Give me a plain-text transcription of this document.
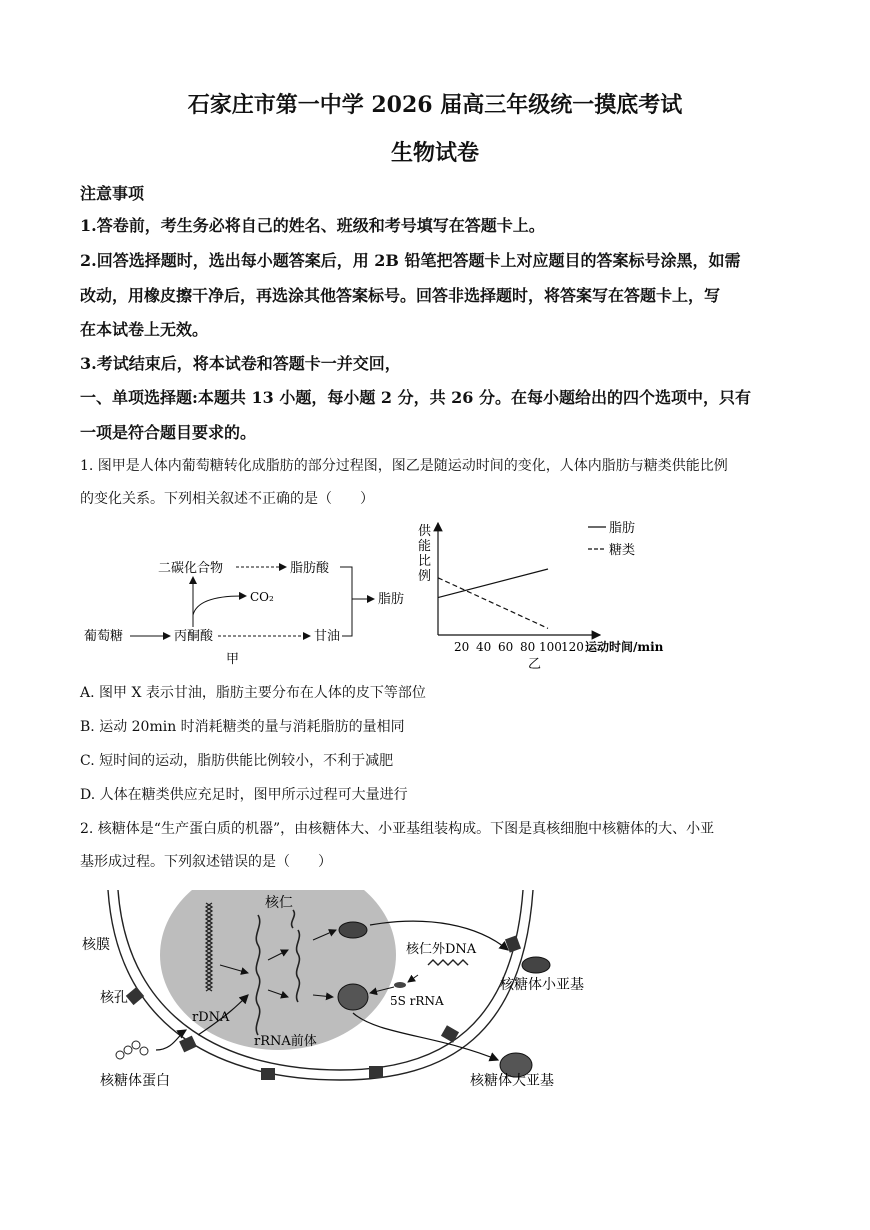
石家庄市第一中学 2026 届高三年级统一摸底考试
生物试卷
注意事项
1.答卷前，考生务必将自己的姓名、班级和考号填写在答题卡上。
2.回答选择题时，选出每小题答案后，用 2B 铅笔把答题卡上对应题目的答案标号涂黑，如需
改动，用橡皮擦干净后，再选涂其他答案标号。回答非选择题时，将答案写在答题卡上，写
在本试卷上无效。
3.考试结束后，将本试卷和答题卡一并交回，
一、单项选择题:本题共 13 小题，每小题 2 分，共 26 分。在每小题给出的四个选项中，只有
一项是符合题目要求的。
1. 图甲是人体内葡萄糖转化成脂肪的部分过程图，图乙是随运动时间的变化，人体内脂肪与糖类供能比例
的变化关系。下列相关叙述不正确的是（　　）
葡萄糖	丙酮酸
二碳化合物
CO₂
脂肪酸
甘油
脂肪
甲
供
能
比
例
20 40 60 80 100 120 运动时间/min
乙
脂肪
糖类
A. 图甲 X 表示甘油，脂肪主要分布在人体的皮下等部位
B. 运动 20min 时消耗糖类的量与消耗脂肪的量相同
C. 短时间的运动，脂肪供能比例较小，不利于减肥
D. 人体在糖类供应充足时，图甲所示过程可大量进行
2. 核糖体是“生产蛋白质的机器”，由核糖体大、小亚基组装构成。下图是真核细胞中核糖体的大、小亚
基形成过程。下列叙述错误的是（　　）
核仁
核膜
核孔
rDNA
rRNA前体
核糖体蛋白
核仁外DNA
5S rRNA
核糖体小亚基
核糖体大亚基
